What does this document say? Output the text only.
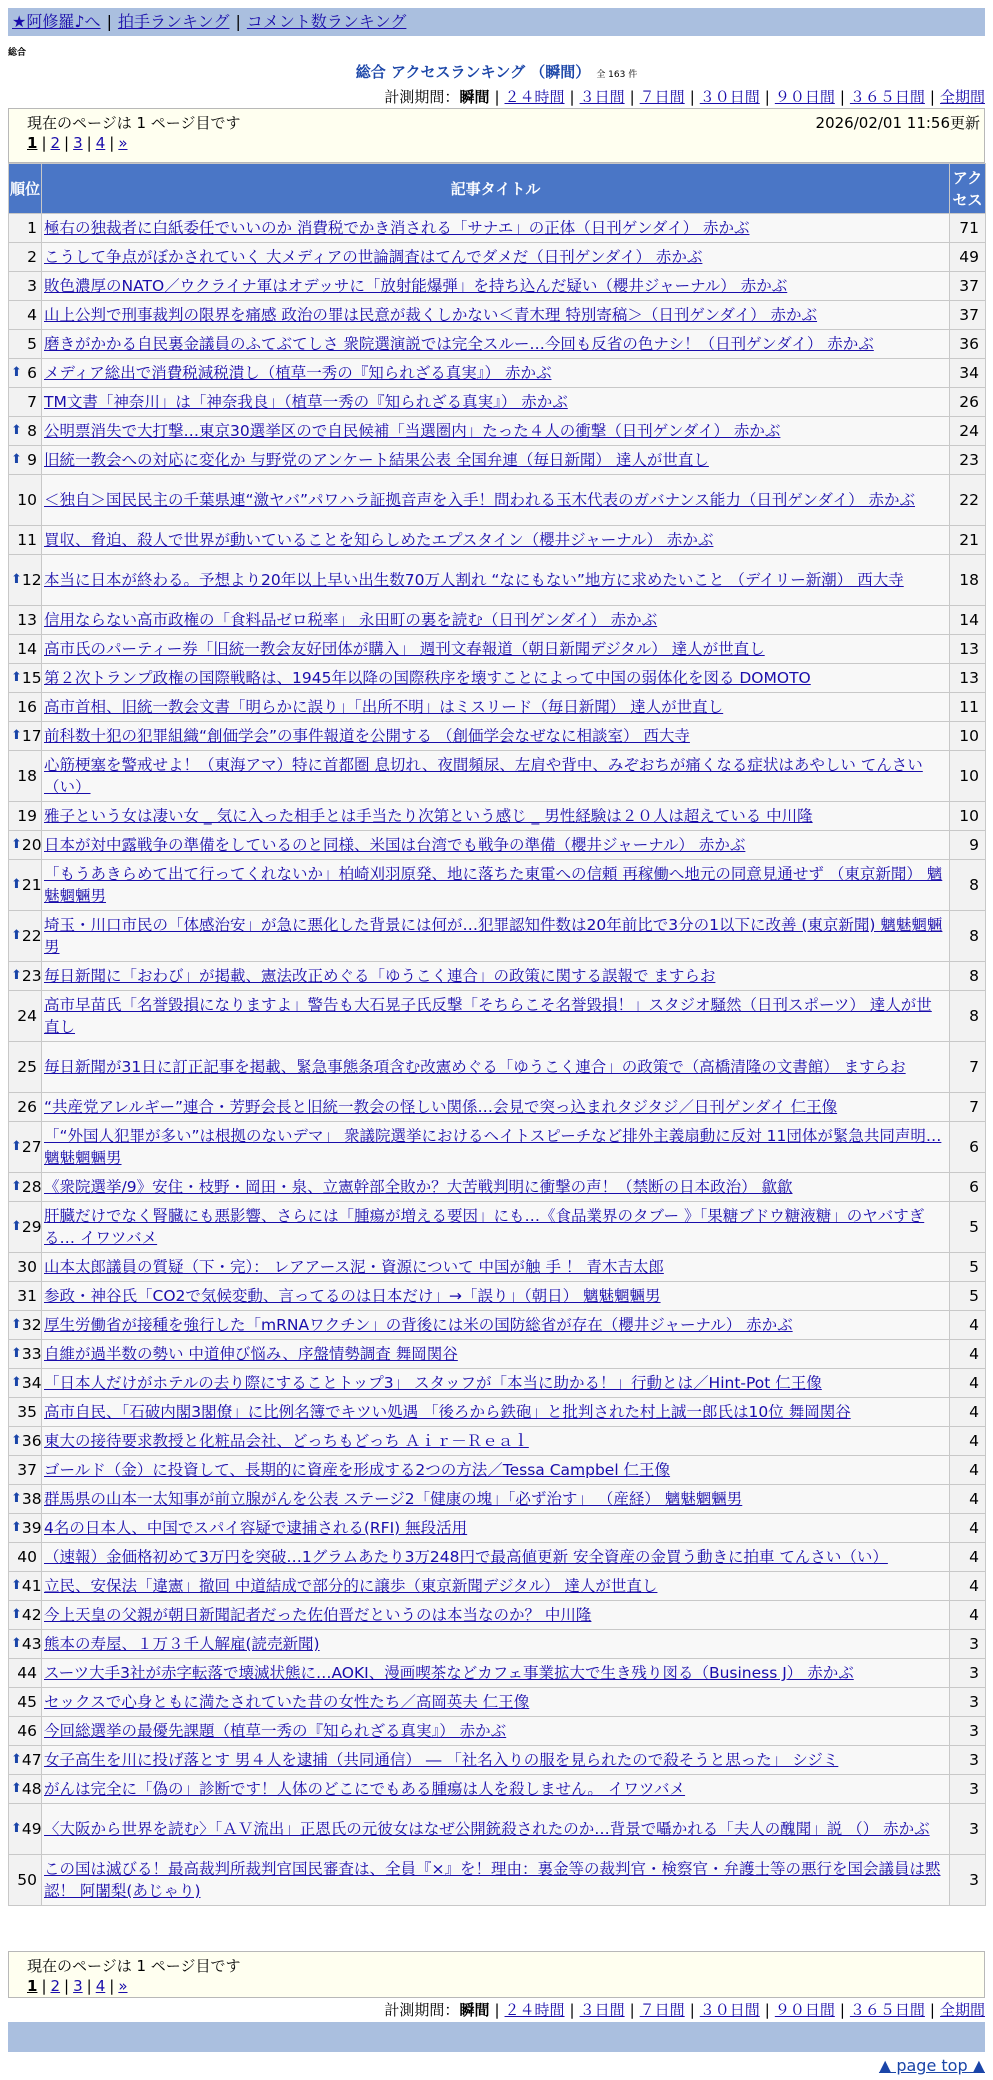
★阿修羅♪へ | 拍手ランキング | コメント数ランキング
総合
総合 アクセスランキング （瞬間） 全 163 件
計測期間：瞬間 | ２４時間 | ３日間 | ７日間 | ３０日間 | ９０日間 | ３６５日間 | 全期間
現在のページは 1 ページ目です	2026/02/01 11:56更新
1 | 2 | 3 | 4 | »
順位	記事タイトル	アクセス
1	極右の独裁者に白紙委任でいいのか 消費税でかき消される「サナエ」の正体（日刊ゲンダイ） 赤かぶ	71
2	こうして争点がぼかされていく 大メディアの世論調査はてんでダメだ（日刊ゲンダイ） 赤かぶ	49
3	敗色濃厚のNATO／ウクライナ軍はオデッサに「放射能爆弾」を持ち込んだ疑い（櫻井ジャーナル） 赤かぶ	37
4	山上公判で刑事裁判の限界を痛感 政治の罪は民意が裁くしかない＜青木理 特別寄稿＞（日刊ゲンダイ） 赤かぶ	37
5	磨きがかかる自民裏金議員のふてぶてしさ 衆院選演説では完全スルー…今回も反省の色ナシ！（日刊ゲンダイ） 赤かぶ	36

⬆ 6	メディア総出で消費税減税潰し（植草一秀の『知られざる真実』） 赤かぶ	34
7	TM文書「神奈川」は「神奈我良」（植草一秀の『知られざる真実』） 赤かぶ	26

⬆ 8	公明票消失で大打撃…東京30選挙区ので自民候補「当選圏内」たった４人の衝撃（日刊ゲンダイ） 赤かぶ	24

⬆ 9	旧統一教会への対応に変化か 与野党のアンケート結果公表 全国弁連（毎日新聞） 達人が世直し	23
10	＜独自＞国民民主の千葉県連“激ヤバ”パワハラ証拠音声を入手！問われる玉木代表のガバナンス能力（日刊ゲンダイ） 赤かぶ	22
11	買収、脅迫、殺人で世界が動いていることを知らしめたエプスタイン（櫻井ジャーナル） 赤かぶ	21

⬆ 12	本当に日本が終わる。予想より20年以上早い出生数70万人割れ “なにもない”地方に求めたいこと （デイリー新潮） 西大寺	18
13	信用ならない高市政権の「食料品ゼロ税率」 永田町の裏を読む（日刊ゲンダイ） 赤かぶ	14
14	高市氏のパーティー券「旧統一教会友好団体が購入」 週刊文春報道（朝日新聞デジタル） 達人が世直し	13

⬆ 15	第２次トランプ政権の国際戦略は、1945年以降の国際秩序を壊すことによって中国の弱体化を図る DOMOTO	13
16	高市首相、旧統一教会文書「明らかに誤り」「出所不明」はミスリード（毎日新聞） 達人が世直し	11

⬆ 17	前科数十犯の犯罪組織“創価学会”の事件報道を公開する （創価学会なぜなに相談室） 西大寺	10
18	心筋梗塞を警戒せよ！（東海アマ）特に首都圏 息切れ、夜間頻尿、左肩や背中、みぞおちが痛くなる症状はあやしい てんさい（い）	10
19	雅子という女は凄い女 _ 気に入った相手とは手当たり次第という感じ _ 男性経験は２０人は超えている 中川隆	10

⬆ 20	日本が対中露戦争の準備をしているのと同様、米国は台湾でも戦争の準備（櫻井ジャーナル） 赤かぶ	9

⬆ 21	「もうあきらめて出て行ってくれないか」柏崎刈羽原発、地に落ちた東電への信頼 再稼働へ地元の同意見通せず （東京新聞） 魑魅魍魎男	8

⬆ 22	埼玉・川口市民の「体感治安」が急に悪化した背景には何が…犯罪認知件数は20年前比で3分の1以下に改善 (東京新聞) 魑魅魍魎男	8

⬆ 23	毎日新聞に「おわび」が掲載、憲法改正めぐる「ゆうこく連合」の政策に関する誤報で ますらお	8
24	高市早苗氏「名誉毀損になりますよ」警告も大石晃子氏反撃「そちらこそ名誉毀損！」スタジオ騒然（日刊スポーツ） 達人が世直し	8
25	毎日新聞が31日に訂正記事を掲載、緊急事態条項含む改憲めぐる「ゆうこく連合」の政策で（高橋清隆の文書館） ますらお	7
26	“共産党アレルギー”連合・芳野会長と旧統一教会の怪しい関係…会見で突っ込まれタジタジ／日刊ゲンダイ 仁王像	7

⬆ 27	「“外国人犯罪が多い”は根拠のないデマ」 衆議院選挙におけるヘイトスピーチなど排外主義扇動に反対 11団体が緊急共同声明… 魑魅魍魎男	6

⬆ 28	《衆院選挙/9》安住・枝野・岡田・泉、立憲幹部全敗か？大苦戦判明に衝撃の声！（禁断の日本政治） 歙歙	6

⬆ 29	肝臓だけでなく腎臓にも悪影響、さらには「腫瘍が増える要因」にも…《食品業界のタブー 》「果糖ブドウ糖液糖」のヤバすぎる… イワツバメ	5
30	山本太郎議員の質疑（下・完）： レアアース泥・資源について 中国が触 手 ！ 青木吉太郎	5
31	参政・神谷氏「CO2で気候変動、言ってるのは日本だけ」→「誤り」（朝日） 魑魅魍魎男	5

⬆ 32	厚生労働省が接種を強行した「mRNAワクチン」の背後には米の国防総省が存在（櫻井ジャーナル） 赤かぶ	4

⬆ 33	自維が過半数の勢い 中道伸び悩み、序盤情勢調査 舞岡関谷	4

⬆ 34	「日本人だけがホテルの去り際にすることトップ3」 スタッフが「本当に助かる！」行動とは／Hint-Pot 仁王像	4
35	高市自民、「石破内閣3閣僚」に比例名簿でキツい処遇 「後ろから鉄砲」と批判された村上誠一郎氏は10位 舞岡関谷	4

⬆ 36	東大の接待要求教授と化粧品会社、どっちもどっち Ａｉｒ－Ｒｅａｌ	4
37	ゴールド（金）に投資して、長期的に資産を形成する2つの方法／Tessa Campbel 仁王像	4

⬆ 38	群馬県の山本一太知事が前立腺がんを公表 ステージ2「健康の塊」「必ず治す」 （産経） 魑魅魍魎男	4

⬆ 39	4名の日本人、中国でスパイ容疑で逮捕される(RFI) 無段活用	4
40	（速報）金価格初めて3万円を突破…1グラムあたり3万248円で最高値更新 安全資産の金買う動きに拍車 てんさい（い）	4

⬆ 41	立民、安保法「違憲」撤回 中道結成で部分的に譲歩（東京新聞デジタル） 達人が世直し	4

⬆ 42	今上天皇の父親が朝日新聞記者だった佐伯晋だというのは本当なのか？ 中川隆	4

⬆ 43	熊本の寿屋、１万３千人解雇(読売新聞)	3
44	スーツ大手3社が赤字転落で壊滅状態に…AOKI、漫画喫茶などカフェ事業拡大で生き残り図る（Business J） 赤かぶ	3
45	セックスで心身ともに満たされていた昔の女性たち／高岡英夫 仁王像	3
46	今回総選挙の最優先課題（植草一秀の『知られざる真実』） 赤かぶ	3

⬆ 47	女子高生を川に投げ落とす 男４人を逮捕（共同通信） ― 「社名入りの服を見られたので殺そうと思った」 シジミ	3

⬆ 48	がんは完全に「偽の」診断です！人体のどこにでもある腫瘍は人を殺しません。 イワツバメ	3

⬆ 49	〈大阪から世界を読む〉「ＡＶ流出」正恩氏の元彼女はなぜ公開銃殺されたのか…背景で囁かれる「夫人の醜聞」説 （） 赤かぶ	3
50	この国は滅びる！最高裁判所裁判官国民審査は、全員『×』を！理由：裏金等の裁判官・検察官・弁護士等の悪行を国会議員は黙認！ 阿闍梨(あじゃり)	3
現在のページは 1 ページ目です
1 | 2 | 3 | 4 | »
計測期間：瞬間 | ２４時間 | ３日間 | ７日間 | ３０日間 | ９０日間 | ３６５日間 | 全期間
▲ page top ▲
